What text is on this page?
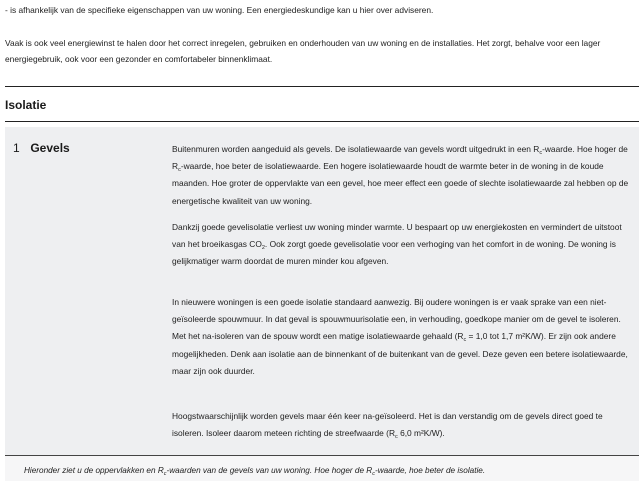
- is afhankelijk van de specifieke eigenschappen van uw woning. Een energiedeskundige kan u hier over adviseren.

Vaak is ook veel energiewinst te halen door het correct inregelen, gebruiken en onderhouden van uw woning en de installaties. Het zorgt, behalve voor een lager energiegebruik, ook voor een gezonder en comfortabeler binnenklimaat.

Isolatie
1 Gevels	Buitenmuren worden aangeduid als gevels. De isolatiewaarde van gevels wordt uitgedrukt in een $R_c$-waarde. Hoe hoger de $R_c$-waarde, hoe beter de isolatiewaarde. Een hogere isolatiewaarde houdt de warmte beter in de woning in de koude maanden. Hoe groter de oppervlakte van een gevel, hoe meer effect een goede of slechte isolatiewaarde zal hebben op de energetische kwaliteit van uw woning.

Dankzij goede gevelisolatie verliest uw woning minder warmte. U bespaart op uw energiekosten en vermindert de uitstoot van het broeikasgas $CO_2$. Ook zorgt goede gevelisolatie voor een verhoging van het comfort in de woning. De woning is gelijkmatiger warm doordat de muren minder kou afgeven.

In nieuwere woningen is een goede isolatie standaard aanwezig. Bij oudere woningen is er vaak sprake van een niet-geïsoleerde spouwmuur. In dat geval is spouwmuurisolatie een, in verhouding, goedkope manier om de gevel te isoleren. Met het na-isoleren van de spouw wordt een matige isolatiewaarde gehaald ($R_c = 1,0$ tot 1,7 m²K/W). Er zijn ook andere mogelijkheden. Denk aan isolatie aan de binnenkant of de buitenkant van de gevel. Deze geven een betere isolatiewaarde, maar zijn ook duurder.

Hoogstwaarschijnlijk worden gevels maar één keer na-geïsoleerd. Het is dan verstandig om de gevels direct goed te isoleren. Isoleer daarom meteen richting de streefwaarde ($R_c$ 6,0 m²K/W).

Hieronder ziet u de oppervlakken en $R_c$-waarden van de gevels van uw woning. Hoe hoger de $R_c$-waarde, hoe beter de isolatie.
